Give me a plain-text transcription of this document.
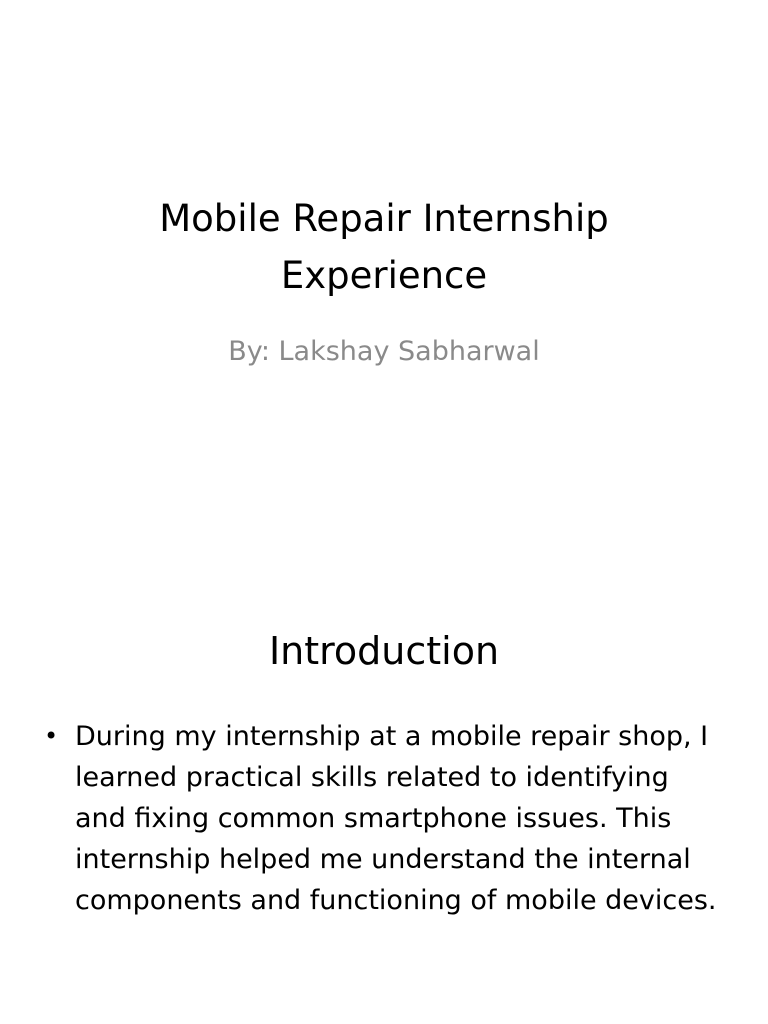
Mobile Repair Internship Experience

By: Lakshay Sabharwal

Introduction
• During my internship at a mobile repair shop, I learned practical skills related to identifying and fixing common smartphone issues. This internship helped me understand the internal components and functioning of mobile devices.
